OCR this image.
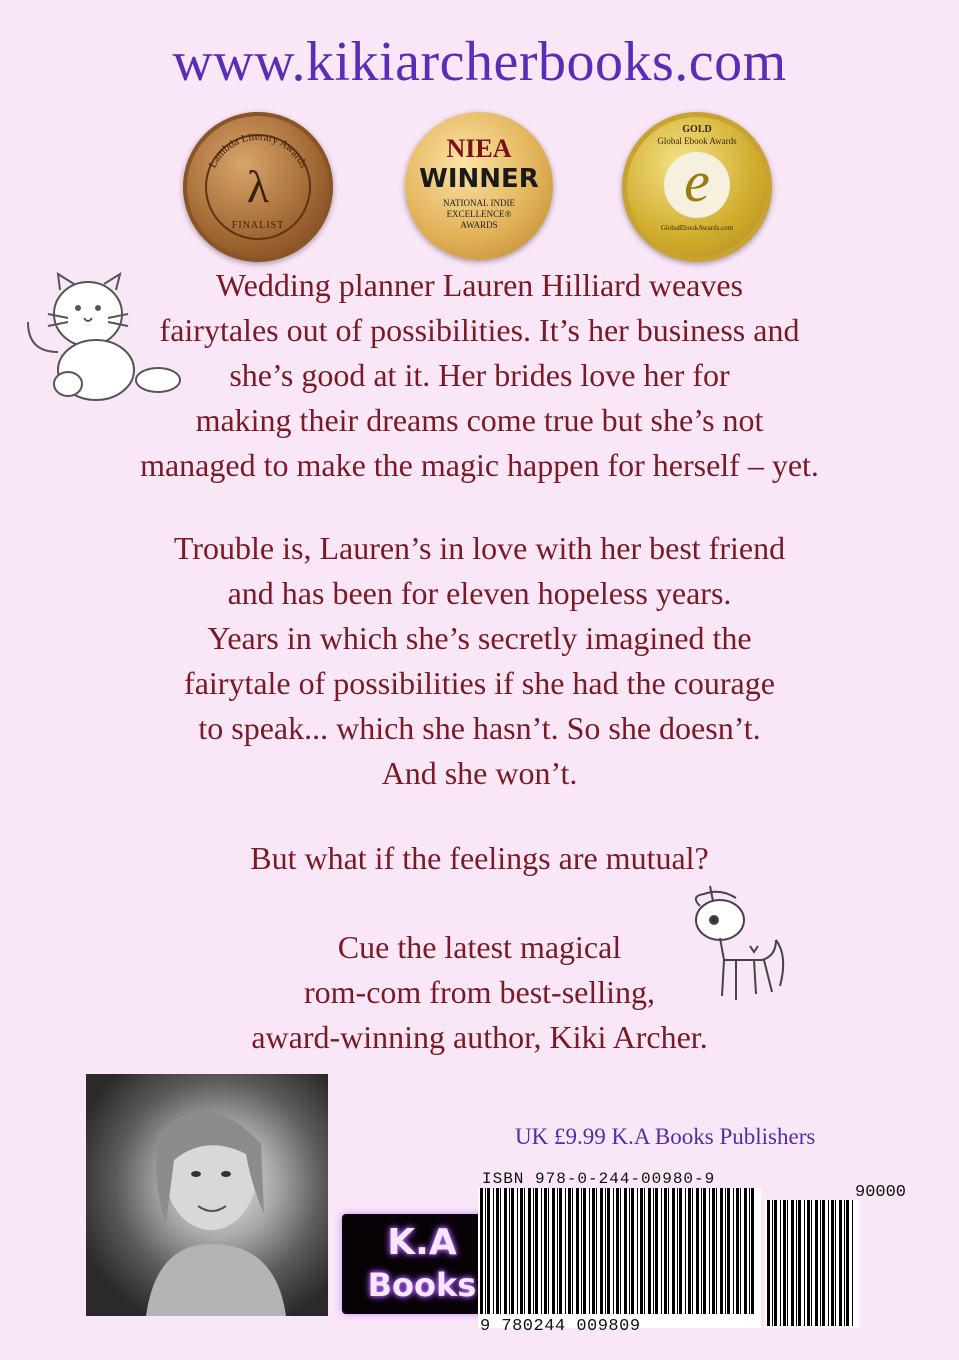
www.kikiarcherbooks.com
Lambda Literary Awards
λ
FINALIST
NIEA
WINNER
NATIONAL INDIE
EXCELLENCE®
AWARDS
GOLD
Global Ebook Awards
e
GlobalEbookAwards.com
Wedding planner Lauren Hilliard weaves
fairytales out of possibilities. It’s her business and
she’s good at it. Her brides love her for
making their dreams come true but she’s not
managed to make the magic happen for herself – yet.
Trouble is, Lauren’s in love with her best friend
and has been for eleven hopeless years.
Years in which she’s secretly imagined the
fairytale of possibilities if she had the courage
to speak... which she hasn’t. So she doesn’t.
And she won’t.
But what if the feelings are mutual?
Cue the latest magical
rom-com from best-selling,
award-winning author, Kiki Archer.
K.A
Books
UK £9.99 K.A Books Publishers
ISBN 978-0-244-00980-9
90000
9 780244 009809
